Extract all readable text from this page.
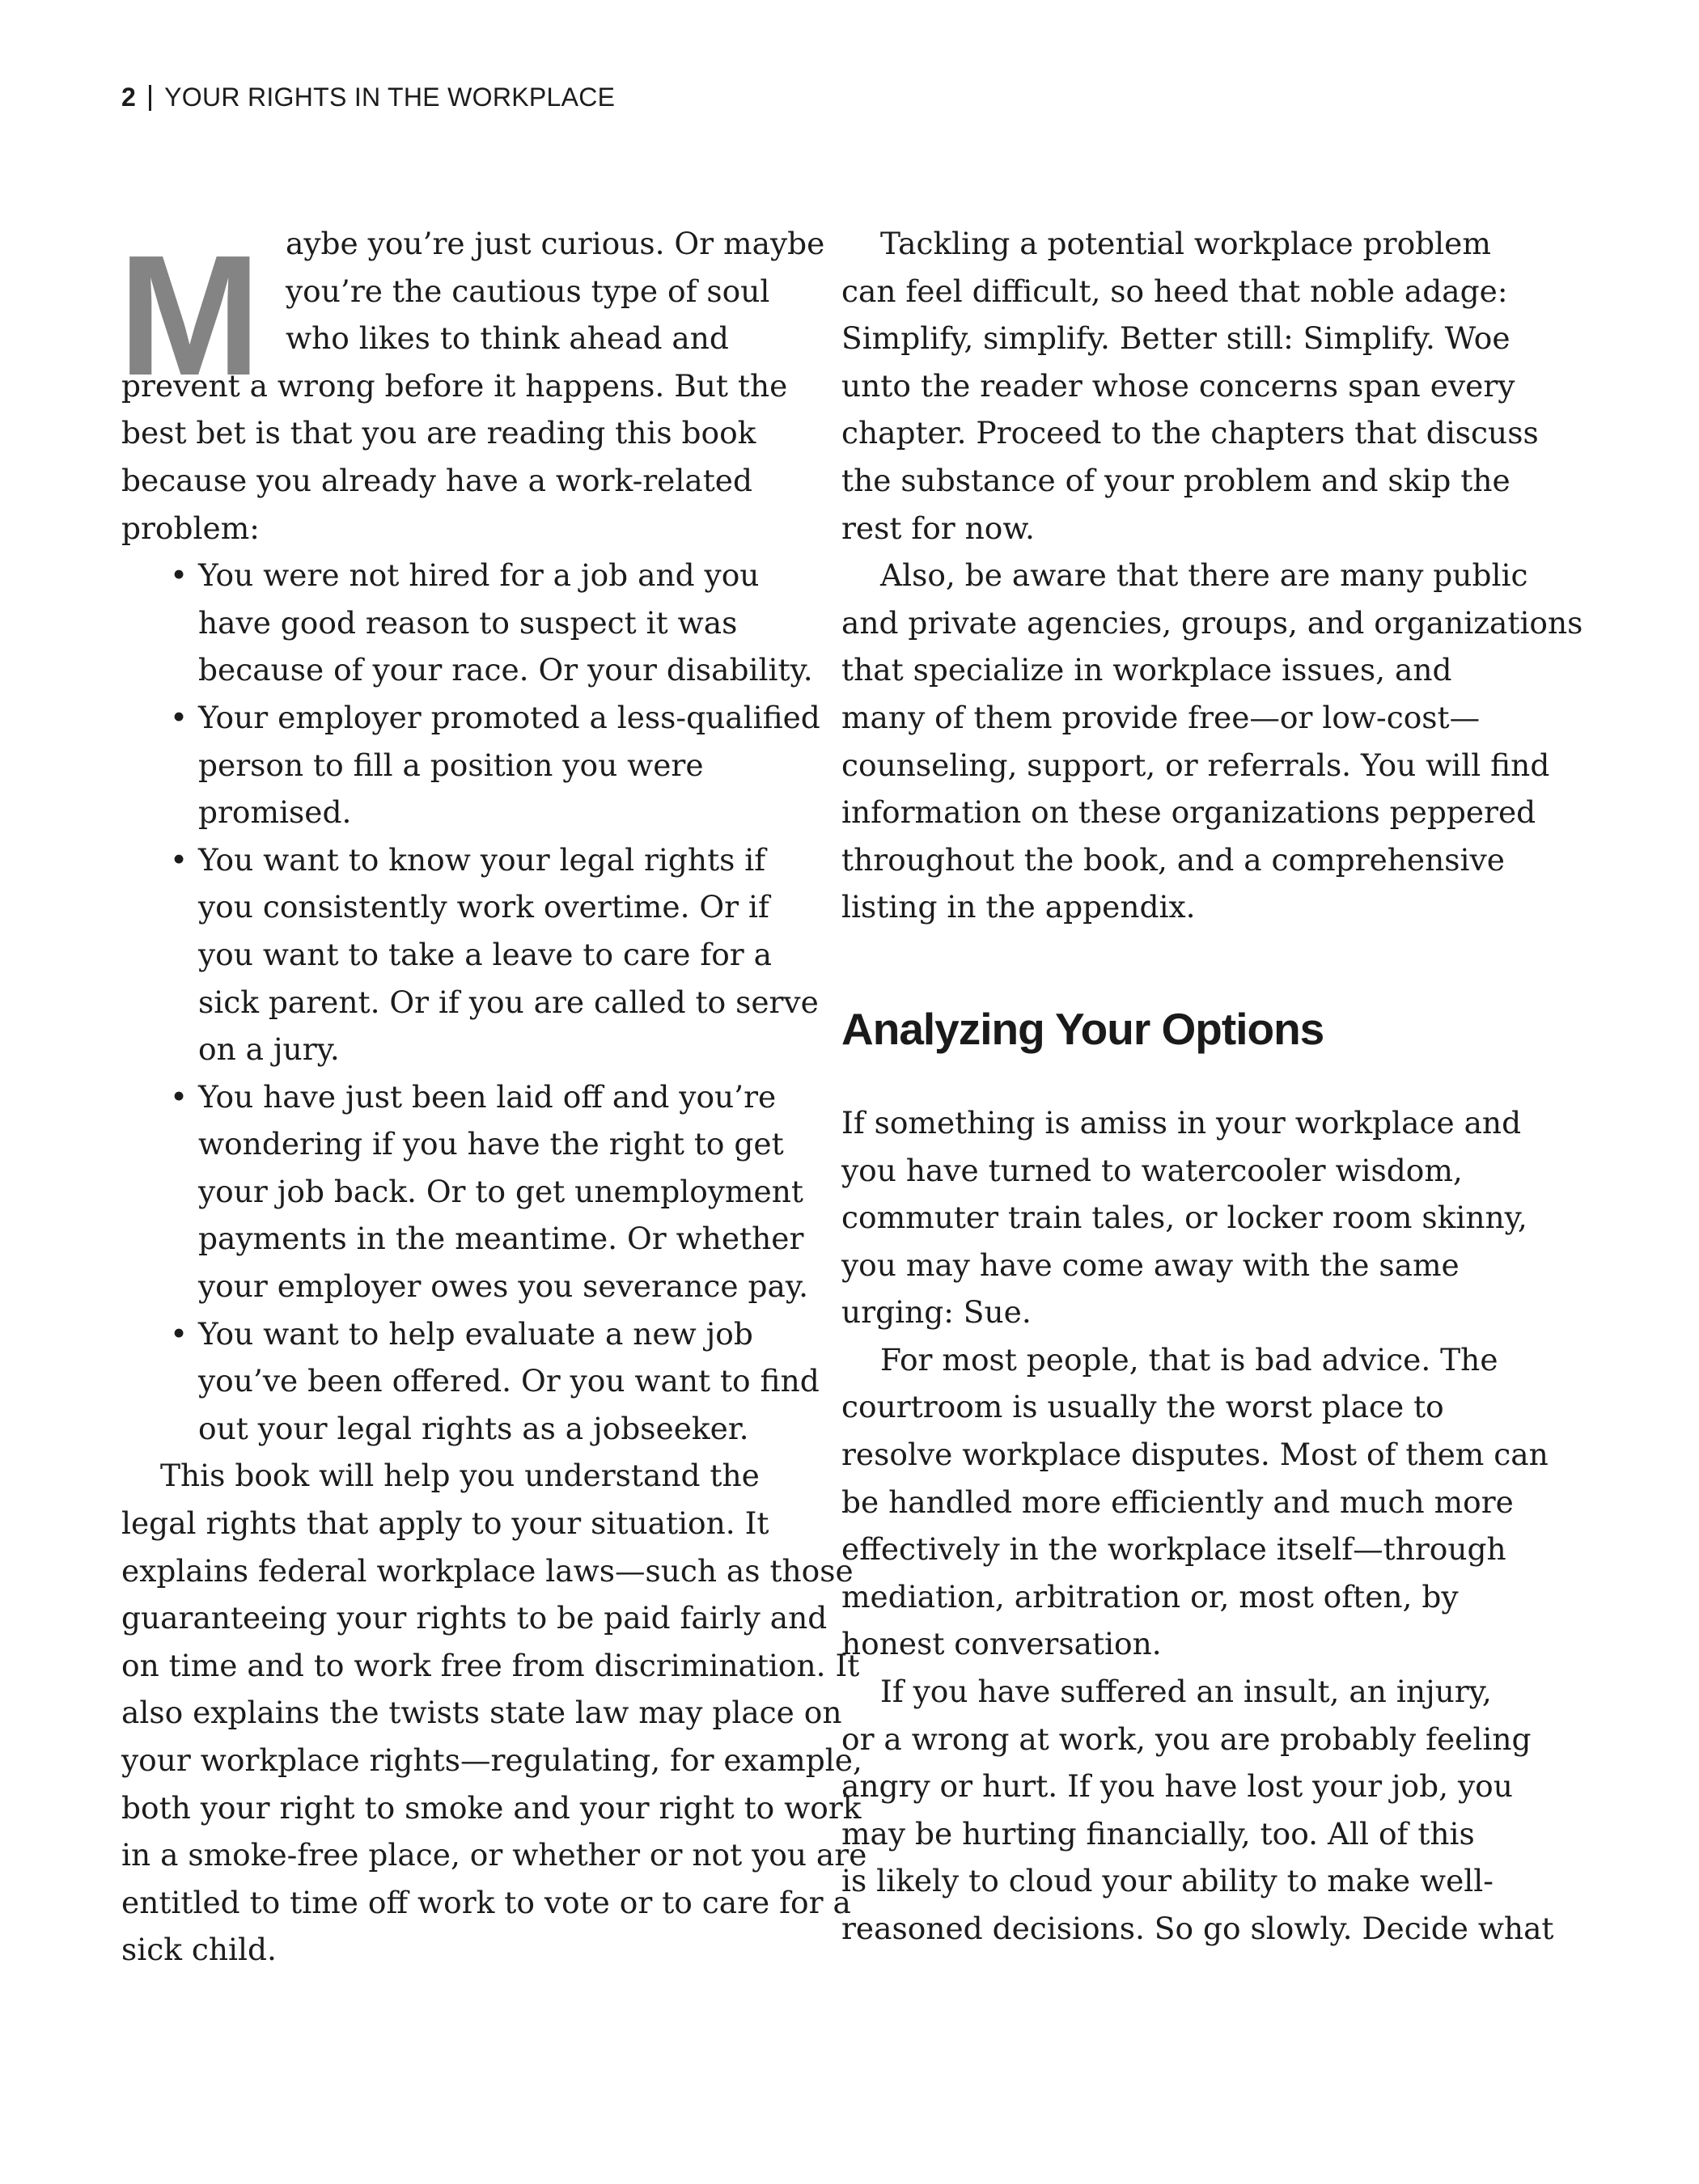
2 YOUR RIGHTS IN THE WORKPLACE

M aybe you’re just curious. Or maybe
you’re the cautious type of soul
who likes to think ahead and
prevent a wrong before it happens. But the
best bet is that you are reading this book
because you already have a work-related
problem:

• You were not hired for a job and you
have good reason to suspect it was
because of your race. Or your disability.
• Your employer promoted a less-qualified
person to fill a position you were
promised.
• You want to know your legal rights if
you consistently work overtime. Or if
you want to take a leave to care for a
sick parent. Or if you are called to serve
on a jury.
• You have just been laid off and you’re
wondering if you have the right to get
your job back. Or to get unemployment
payments in the meantime. Or whether
your employer owes you severance pay.
• You want to help evaluate a new job
you’ve been offered. Or you want to find
out your legal rights as a jobseeker.

This book will help you understand the
legal rights that apply to your situation. It
explains federal workplace laws—such as those
guaranteeing your rights to be paid fairly and
on time and to work free from discrimination. It
also explains the twists state law may place on
your workplace rights—regulating, for example,
both your right to smoke and your right to work
in a smoke-free place, or whether or not you are
entitled to time off work to vote or to care for a
sick child.

Tackling a potential workplace problem
can feel difficult, so heed that noble adage:
Simplify, simplify. Better still: Simplify. Woe
unto the reader whose concerns span every
chapter. Proceed to the chapters that discuss
the substance of your problem and skip the
rest for now.

Also, be aware that there are many public
and private agencies, groups, and organizations
that specialize in workplace issues, and
many of them provide free—or low-cost—
counseling, support, or referrals. You will find
information on these organizations peppered
throughout the book, and a comprehensive
listing in the appendix.

Analyzing Your Options

If something is amiss in your workplace and
you have turned to watercooler wisdom,
commuter train tales, or locker room skinny,
you may have come away with the same
urging: Sue.

For most people, that is bad advice. The
courtroom is usually the worst place to
resolve workplace disputes. Most of them can
be handled more efficiently and much more
effectively in the workplace itself—through
mediation, arbitration or, most often, by
honest conversation.

If you have suffered an insult, an injury,
or a wrong at work, you are probably feeling
angry or hurt. If you have lost your job, you
may be hurting financially, too. All of this
is likely to cloud your ability to make well-
reasoned decisions. So go slowly. Decide what
